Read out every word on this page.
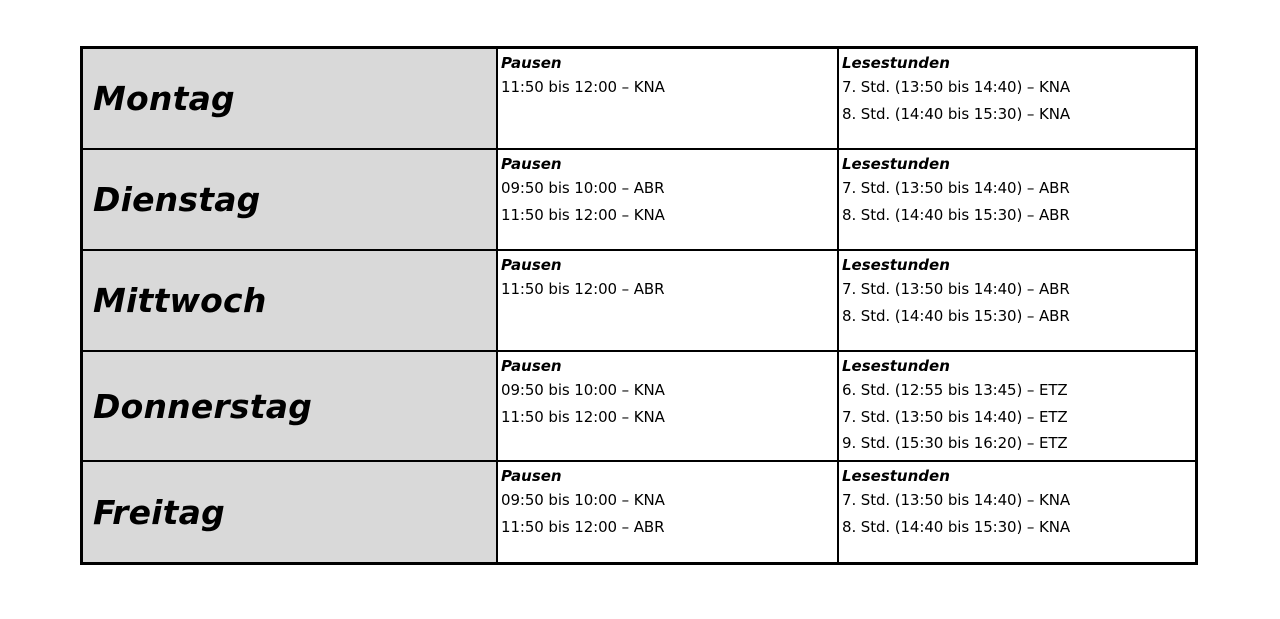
Montag
Pausen
11:50 bis 12:00 – KNA
Lesestunden
7. Std. (13:50 bis 14:40) – KNA
8. Std. (14:40 bis 15:30) – KNA
Dienstag
Pausen
09:50 bis 10:00 – ABR
11:50 bis 12:00 – KNA
Lesestunden
7. Std. (13:50 bis 14:40) – ABR
8. Std. (14:40 bis 15:30) – ABR
Mittwoch
Pausen
11:50 bis 12:00 – ABR
Lesestunden
7. Std. (13:50 bis 14:40) – ABR
8. Std. (14:40 bis 15:30) – ABR
Donnerstag
Pausen
09:50 bis 10:00 – KNA
11:50 bis 12:00 – KNA
Lesestunden
6. Std. (12:55 bis 13:45) – ETZ
7. Std. (13:50 bis 14:40) – ETZ
9. Std. (15:30 bis 16:20) – ETZ
Freitag
Pausen
09:50 bis 10:00 – KNA
11:50 bis 12:00 – ABR
Lesestunden
7. Std. (13:50 bis 14:40) – KNA
8. Std. (14:40 bis 15:30) – KNA
